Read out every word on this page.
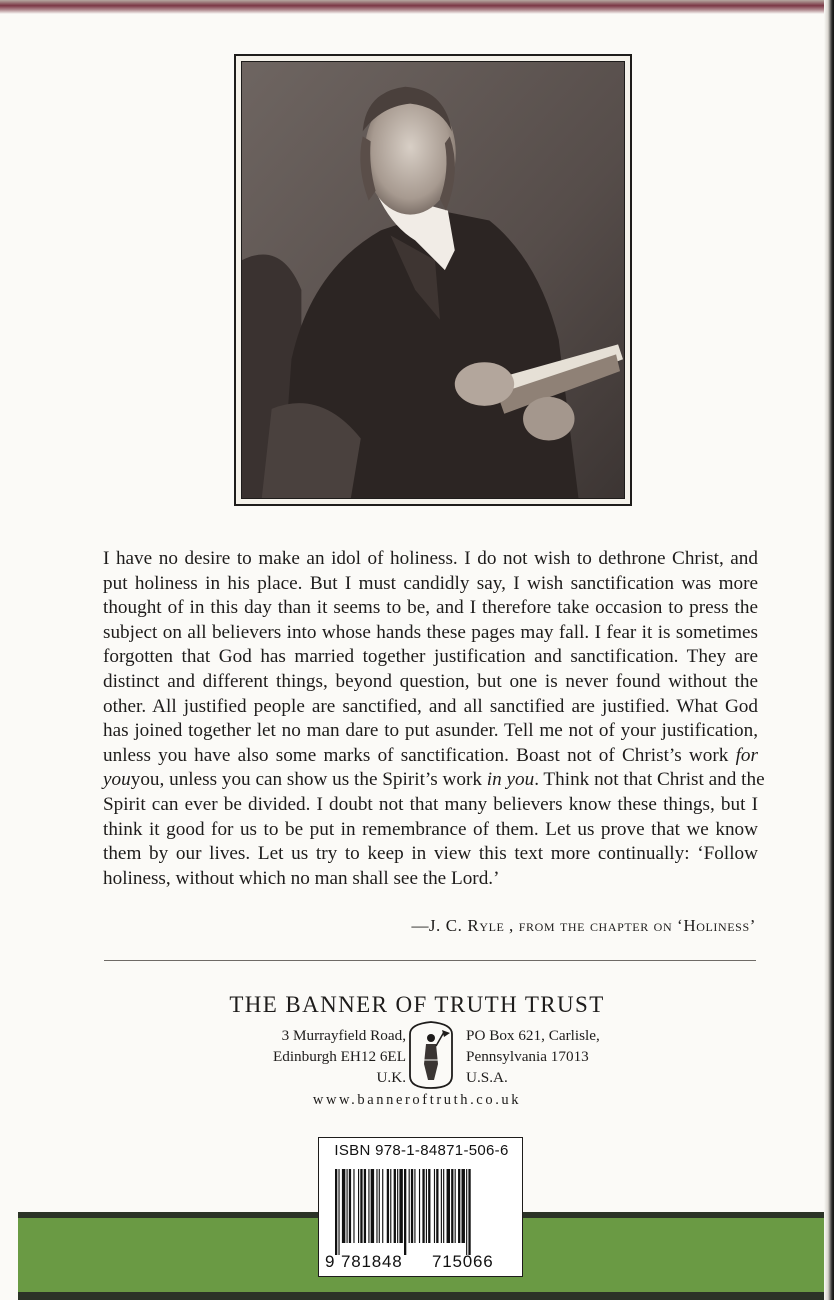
I have no desire to make an idol of holiness. I do not wish to dethrone Christ, and
put holiness in his place. But I must candidly say, I wish sanctification was more
thought of in this day than it seems to be, and I therefore take occasion to press the
subject on all believers into whose hands these pages may fall. I fear it is sometimes
forgotten that God has married together justification and sanctification. They are
distinct and different things, beyond question, but one is never found without the
other. All justified people are sanctified, and all sanctified are justified. What God
has joined together let no man dare to put asunder. Tell me not of your justification,
unless you have also some marks of sanctification. Boast not of Christ’s work for
youyou, unless you can show us the Spirit’s work in you. Think not that Christ and the
Spirit can ever be divided. I doubt not that many believers know these things, but I
think it good for us to be put in remembrance of them. Let us prove that we know
them by our lives. Let us try to keep in view this text more continually: ‘Follow
holiness, without which no man shall see the Lord.’
—J. C. Ryle , from the chapter on ‘Holiness’
THE BANNER OF TRUTH TRUST
3 Murrayfield Road,
Edinburgh EH12 6EL
U.K.
PO Box 621, Carlisle,
Pennsylvania 17013
U.S.A.
www.banneroftruth.co.uk
ISBN 978-1-84871-506-6
9 781848 715066
